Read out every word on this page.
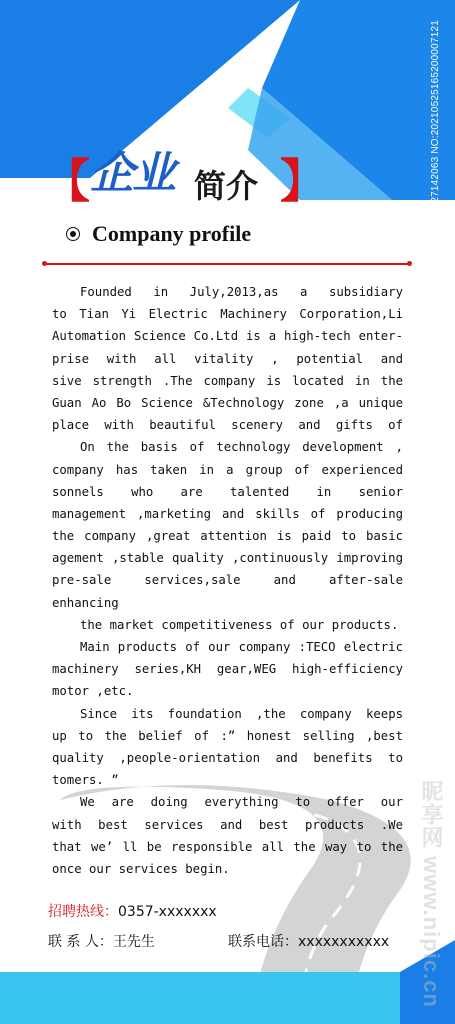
ID:27142063 NO:20210525165200007121
昵享网 www.nipic.cn
【 企业 简介 】
Company profile
Founded in July,2013,as a subsidiary
to Tian Yi Electric Machinery Corporation,Li
Automation Science Co.Ltd is a high-tech enter-
prise with all vitality , potential and
sive strength .The company is located in the
Guan Ao Bo Science &Technology zone ,a unique
place with beautiful scenery and gifts of
On the basis of technology development ,
company has taken in a group of experienced
sonnels who are talented in senior
management ,marketing and skills of producing
the company ,great attention is paid to basic
agement ,stable quality ,continuously improving
pre-sale services,sale and after-sale
enhancing
the market competitiveness of our products.
Main products of our company :TECO electric
machinery series,KH gear,WEG high-efficiency
motor ,etc.
Since its foundation ,the company keeps
up to the belief of :” honest selling ,best
quality ,people-orientation and benefits to
tomers. ”
We are doing everything to offer our
with best services and best products .We
that we’ ll be responsible all the way to the
once our services begin.
招聘热线：0357-xxxxxxx
联 系 人：王先生	联系电话：xxxxxxxxxxx
